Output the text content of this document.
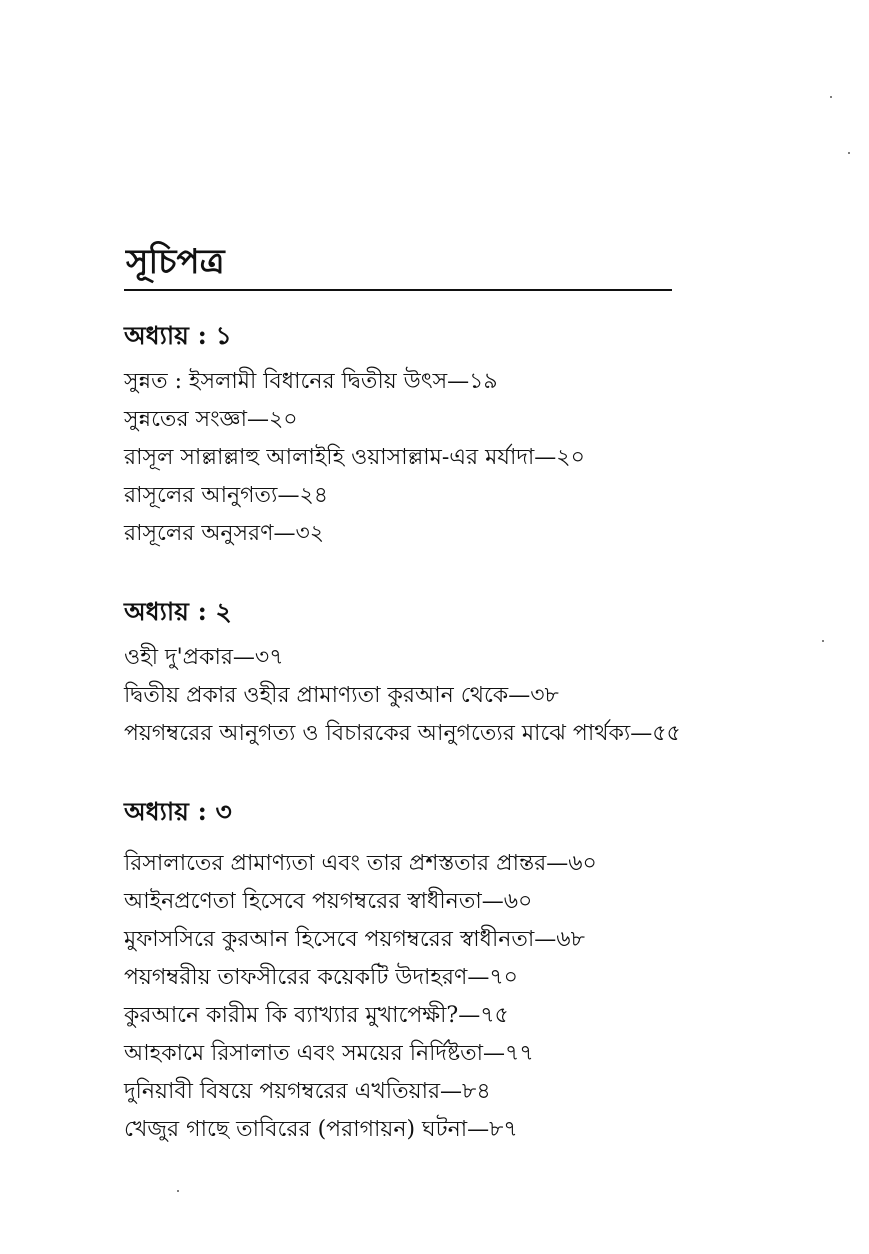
সূচিপত্র
অধ্যায় : ১

সুন্নত : ইসলামী বিধানের দ্বিতীয় উৎস—১৯

সুন্নতের সংজ্ঞা—২০

রাসূল সাল্লাল্লাহু আলাইহি ওয়াসাল্লাম-এর মর্যাদা—২০

রাসূলের আনুগত্য—২৪

রাসূলের অনুসরণ—৩২

অধ্যায় : ২

ওহী দু'প্রকার—৩৭

দ্বিতীয় প্রকার ওহীর প্রামাণ্যতা কুরআন থেকে—৩৮

পয়গম্বরের আনুগত্য ও বিচারকের আনুগত্যের মাঝে পার্থক্য—৫৫

অধ্যায় : ৩

রিসালাতের প্রামাণ্যতা এবং তার প্রশস্ততার প্রান্তর—৬০

আইনপ্রণেতা হিসেবে পয়গম্বরের স্বাধীনতা—৬০

মুফাসসিরে কুরআন হিসেবে পয়গম্বরের স্বাধীনতা—৬৮

পয়গম্বরীয় তাফসীরের কয়েকটি উদাহরণ—৭০

কুরআনে কারীম কি ব্যাখ্যার মুখাপেক্ষী?—৭৫

আহকামে রিসালাত এবং সময়ের নির্দিষ্টতা—৭৭

দুনিয়াবী বিষয়ে পয়গম্বরের এখতিয়ার—৮৪

খেজুর গাছে তাবিরের (পরাগায়ন) ঘটনা—৮৭
